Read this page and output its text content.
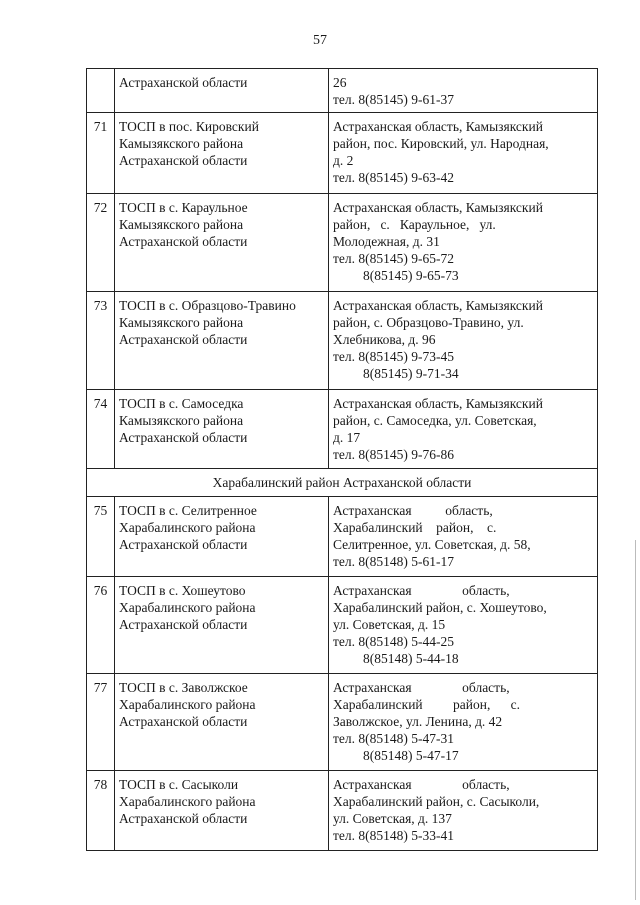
57

	Астраханской области	26
тел. 8(85145) 9-61-37

71	ТОСП в пос. Кировский
Камызякского района
Астраханской области	Астраханская область, Камызякский
район, пос. Кировский, ул. Народная,
д. 2
тел. 8(85145) 9-63-42

72	ТОСП в с. Караульное
Камызякского района
Астраханской области	Астраханская область, Камызякский
район,   с.   Караульное,   ул.
Молодежная, д. 31
тел. 8(85145) 9-65-72
8(85145) 9-65-73

73	ТОСП в с. Образцово-Травино
Камызякского района
Астраханской области	Астраханская область, Камызякский
район, с. Образцово-Травино, ул.
Хлебникова, д. 96
тел. 8(85145) 9-73-45
8(85145) 9-71-34

74	ТОСП в с. Самоседка
Камызякского района
Астраханской области	Астраханская область, Камызякский
район, с. Самоседка, ул. Советская,
д. 17
тел. 8(85145) 9-76-86

Харабалинский район Астраханской области		
75	ТОСП в с. Селитренное
Харабалинского района
Астраханской области	Астраханская          область,
Харабалинский    район,    с.
Селитренное, ул. Советская, д. 58,
тел. 8(85148) 5-61-17

76	ТОСП в с. Хошеутово
Харабалинского района
Астраханской области	Астраханская               область,
Харабалинский район, с. Хошеутово,
ул. Советская, д. 15
тел. 8(85148) 5-44-25
8(85148) 5-44-18

77	ТОСП в с. Заволжское
Харабалинского района
Астраханской области	Астраханская               область,
Харабалинский         район,      с.
Заволжское, ул. Ленина, д. 42
тел. 8(85148) 5-47-31
8(85148) 5-47-17

78	ТОСП в с. Сасыколи
Харабалинского района
Астраханской области	Астраханская               область,
Харабалинский район, с. Сасыколи,
ул. Советская, д. 137
тел. 8(85148) 5-33-41
